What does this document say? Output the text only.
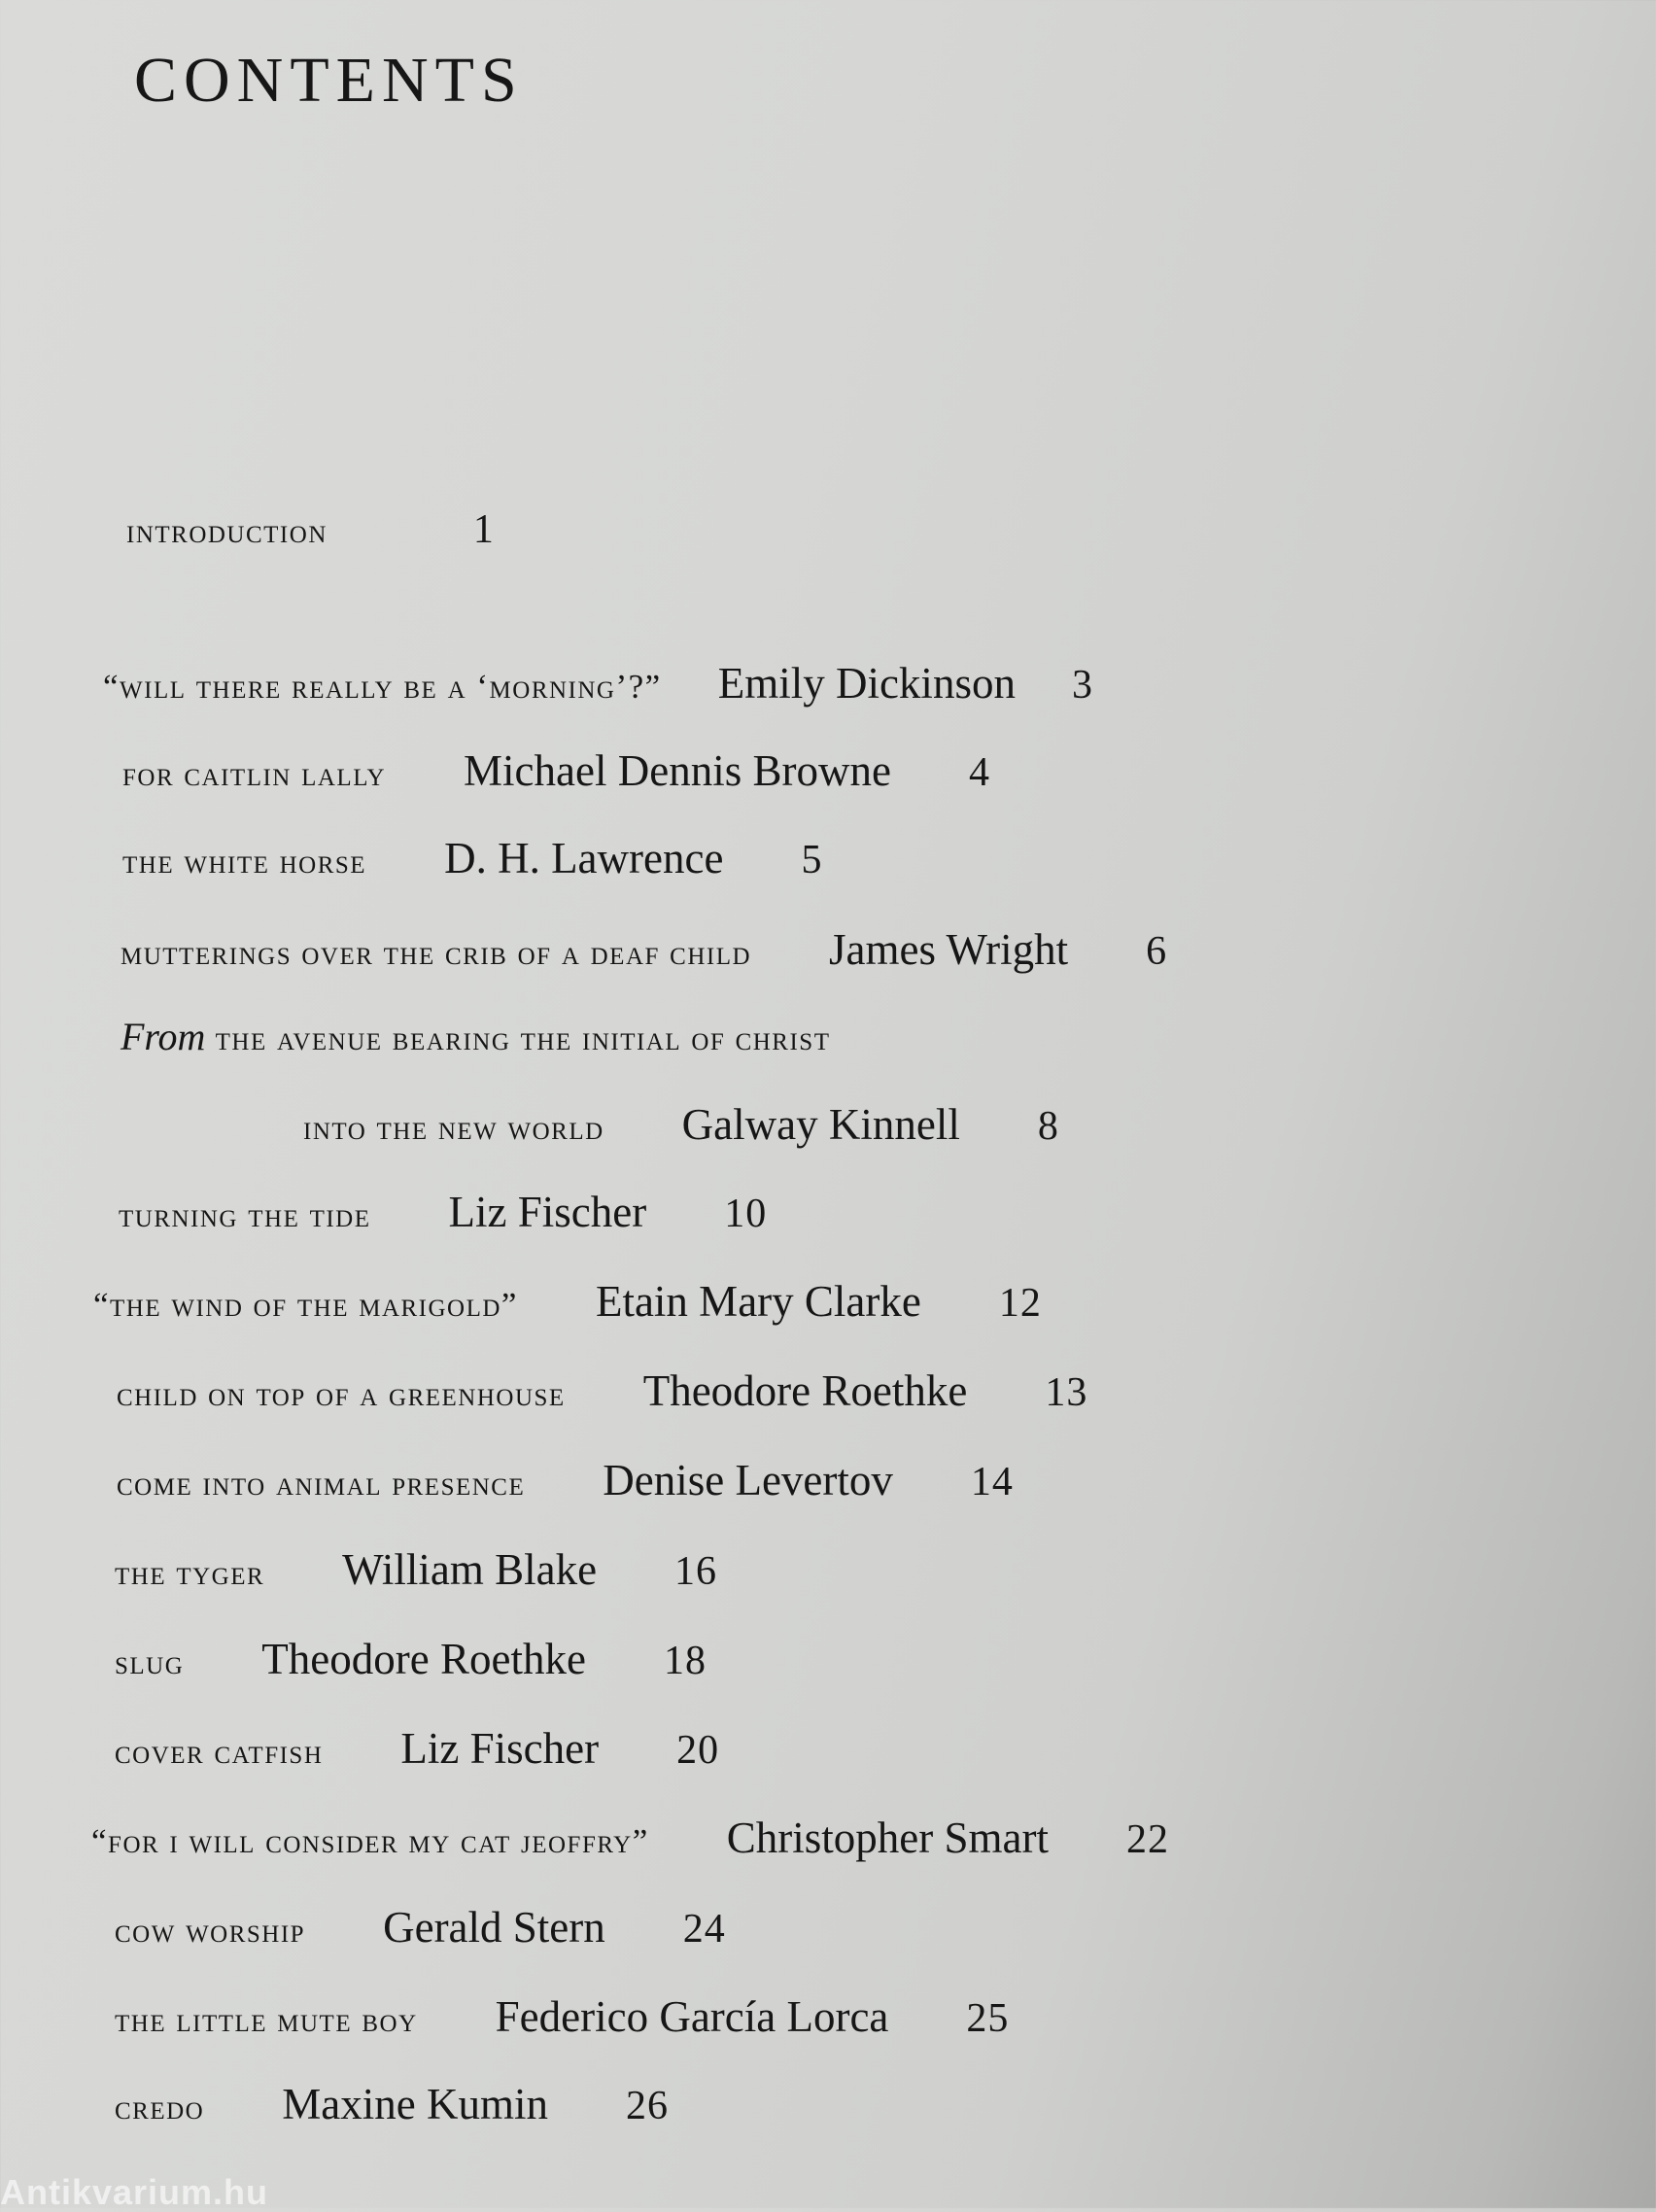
CONTENTS
introduction	1
“will there really be a ‘morning’?” Emily Dickinson 3
for caitlin lally Michael Dennis Browne 4
the white horse D. H. Lawrence 5
mutterings over the crib of a deaf child James Wright 6
From the avenue bearing the initial of christ
into the new world Galway Kinnell 8
turning the tide Liz Fischer 10
“the wind of the marigold” Etain Mary Clarke 12
child on top of a greenhouse Theodore Roethke 13
come into animal presence Denise Levertov 14
the tyger William Blake 16
slug Theodore Roethke 18
cover catfish Liz Fischer 20
“for i will consider my cat jeoffry” Christopher Smart 22
cow worship Gerald Stern 24
the little mute boy Federico García Lorca 25
credo Maxine Kumin 26
Antikvarium.hu
